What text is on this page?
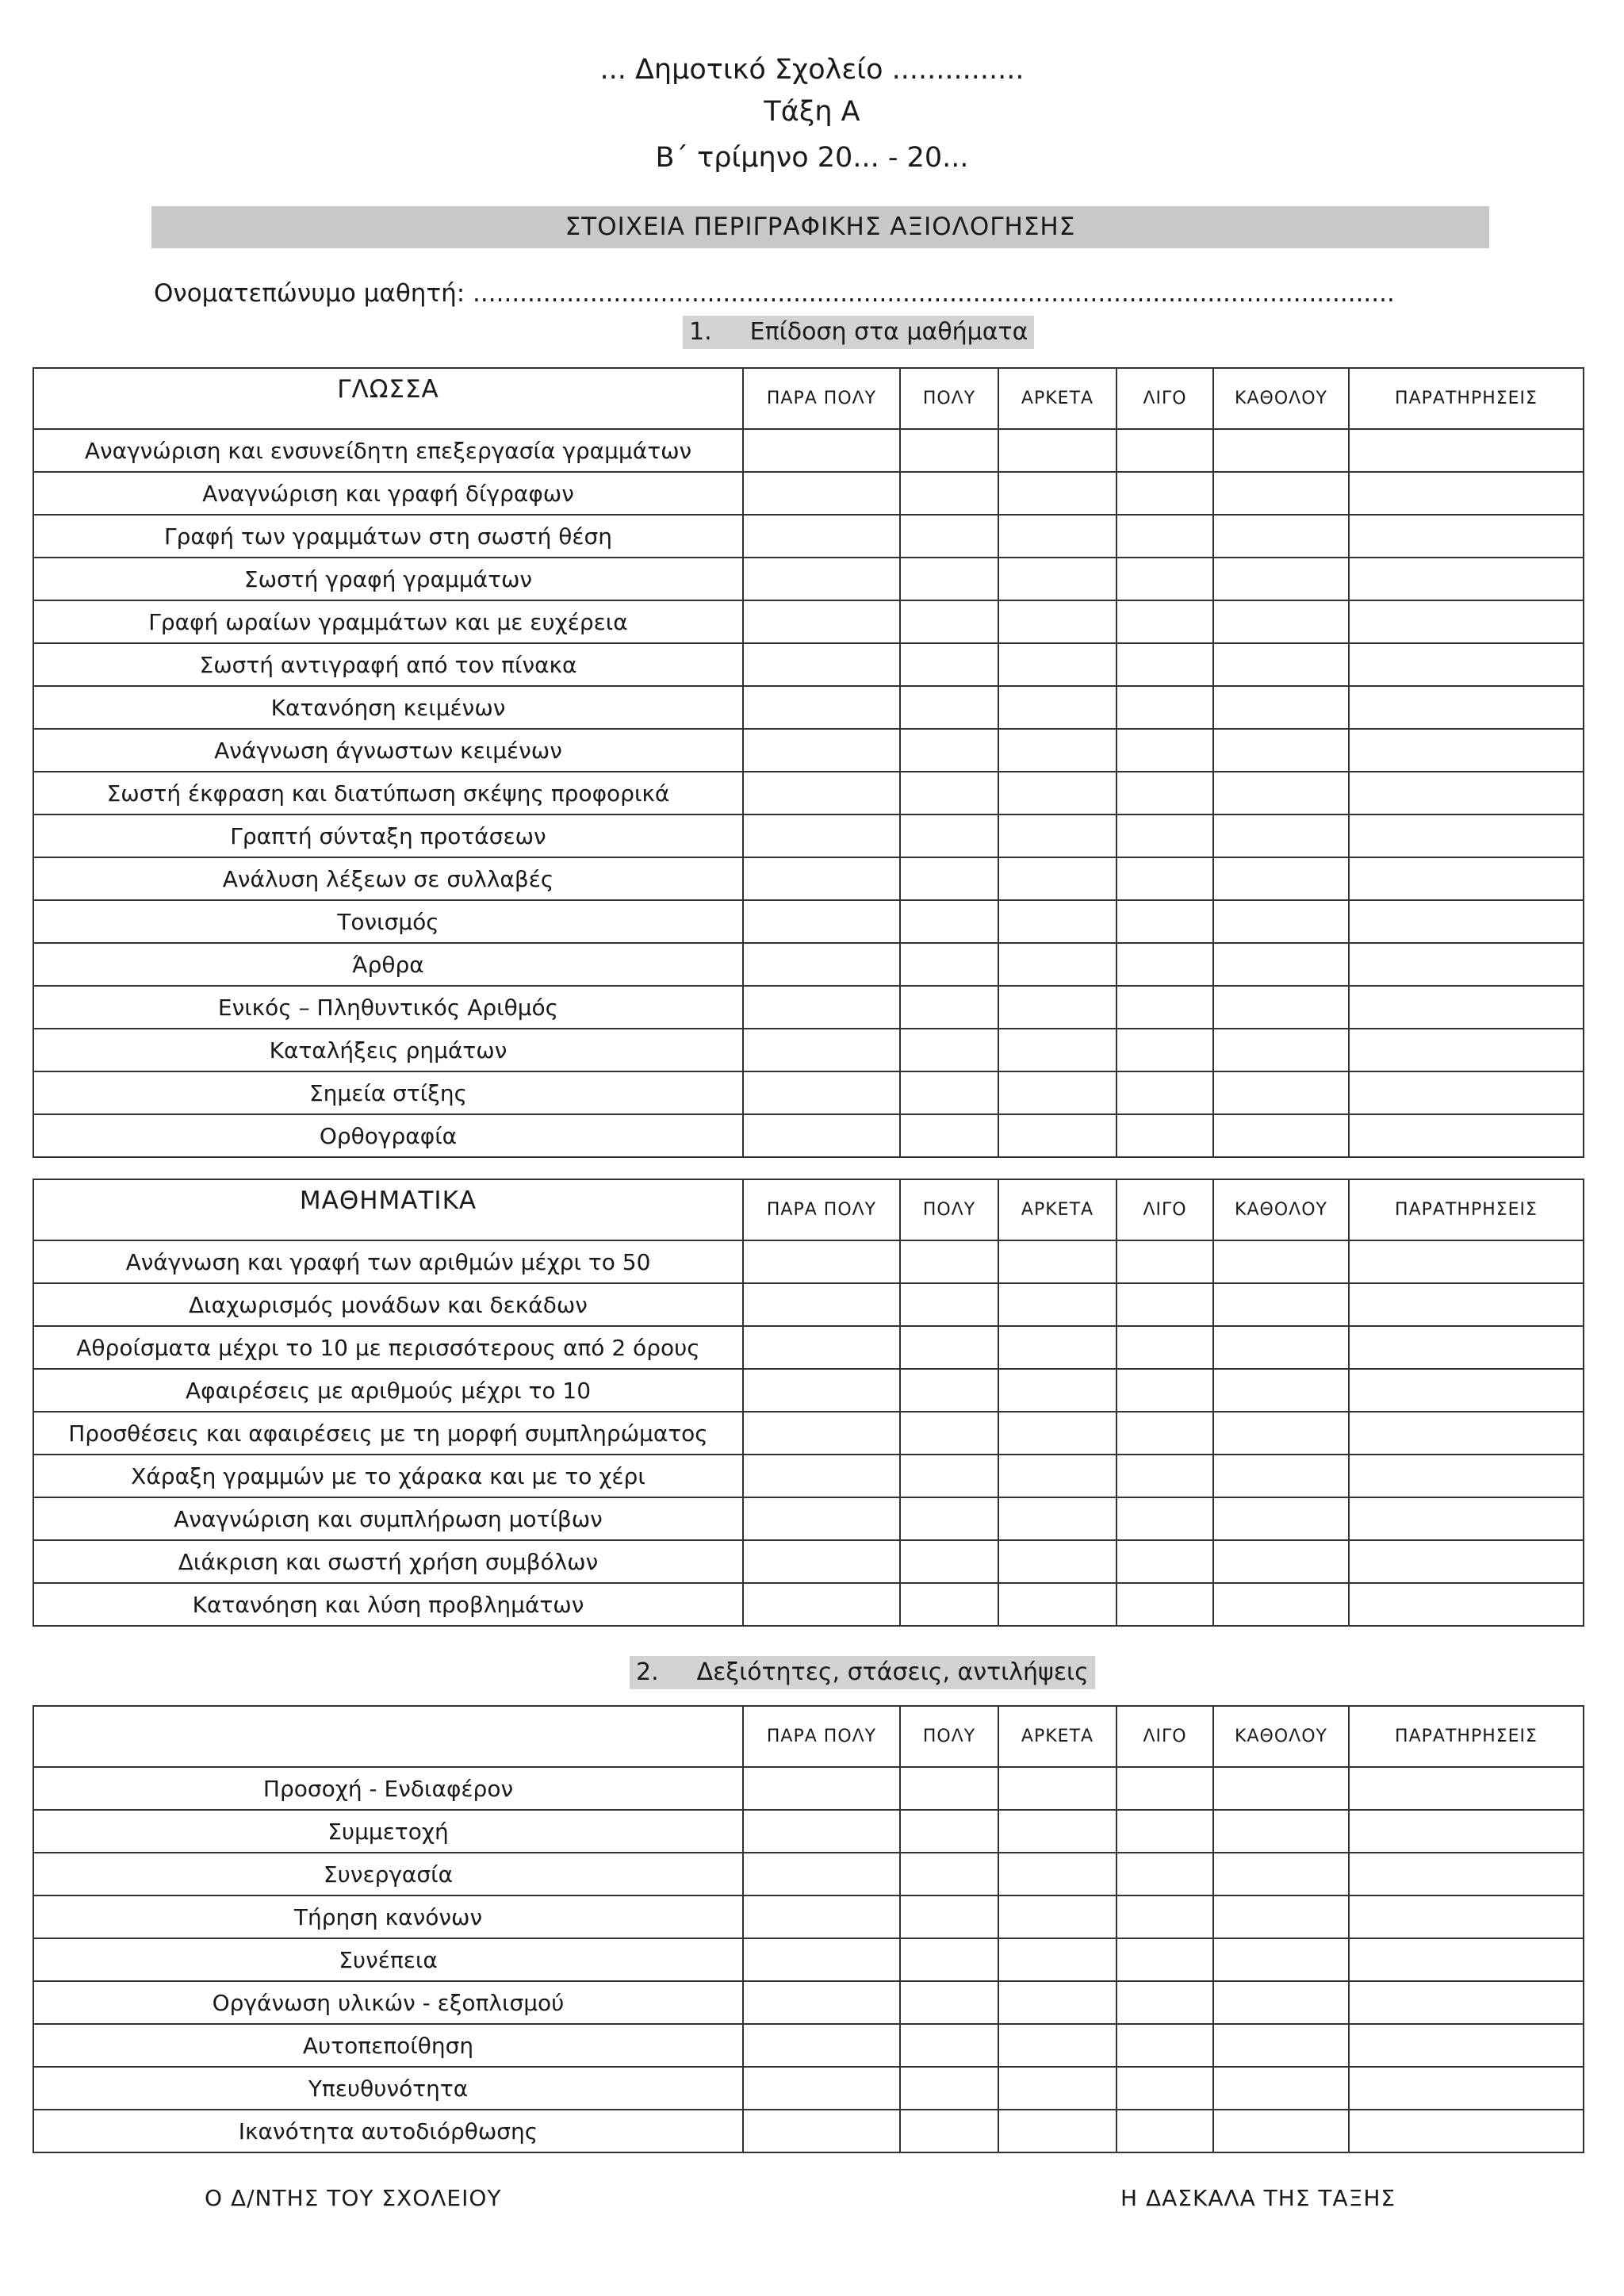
... Δημοτικό Σχολείο ...............
Τάξη Α
Β΄ τρίμηνο 20... - 20...
ΣΤΟΙΧΕΙΑ ΠΕΡΙΓΡΑΦΙΚΗΣ ΑΞΙΟΛΟΓΗΣΗΣ
Ονοματεπώνυμο μαθητή: ......................................................................................................................
1. Επίδοση στα μαθήματα
2. Δεξιότητες, στάσεις, αντιλήψεις
ΓΛΩΣΣΑ	ΠΑΡΑ ΠΟΛΥ	ΠΟΛΥ	ΑΡΚΕΤΑ	ΛΙΓΟ	ΚΑΘΟΛΟΥ	ΠΑΡΑΤΗΡΗΣΕΙΣ
Αναγνώριση και ενσυνείδητη επεξεργασία γραμμάτων						
Αναγνώριση και γραφή δίγραφων						
Γραφή των γραμμάτων στη σωστή θέση						
Σωστή γραφή γραμμάτων						
Γραφή ωραίων γραμμάτων και με ευχέρεια						
Σωστή αντιγραφή από τον πίνακα						
Κατανόηση κειμένων						
Ανάγνωση άγνωστων κειμένων						
Σωστή έκφραση και διατύπωση σκέψης προφορικά						
Γραπτή σύνταξη προτάσεων						
Ανάλυση λέξεων σε συλλαβές						
Τονισμός						
Άρθρα						
Ενικός – Πληθυντικός Αριθμός						
Καταλήξεις ρημάτων						
Σημεία στίξης						
Ορθογραφία						
ΜΑΘΗΜΑΤΙΚΑ	ΠΑΡΑ ΠΟΛΥ	ΠΟΛΥ	ΑΡΚΕΤΑ	ΛΙΓΟ	ΚΑΘΟΛΟΥ	ΠΑΡΑΤΗΡΗΣΕΙΣ
Ανάγνωση και γραφή των αριθμών μέχρι το 50						
Διαχωρισμός μονάδων και δεκάδων						
Αθροίσματα μέχρι το 10 με περισσότερους από 2 όρους						
Αφαιρέσεις με αριθμούς μέχρι το 10						
Προσθέσεις και αφαιρέσεις με τη μορφή συμπληρώματος						
Χάραξη γραμμών με το χάρακα και με το χέρι						
Αναγνώριση και συμπλήρωση μοτίβων						
Διάκριση και σωστή χρήση συμβόλων						
Κατανόηση και λύση προβλημάτων						
	ΠΑΡΑ ΠΟΛΥ	ΠΟΛΥ	ΑΡΚΕΤΑ	ΛΙΓΟ	ΚΑΘΟΛΟΥ	ΠΑΡΑΤΗΡΗΣΕΙΣ
Προσοχή - Ενδιαφέρον						
Συμμετοχή						
Συνεργασία						
Τήρηση κανόνων						
Συνέπεια						
Οργάνωση υλικών - εξοπλισμού						
Αυτοπεποίθηση						
Υπευθυνότητα						
Ικανότητα αυτοδιόρθωσης						
Ο Δ/ΝΤΗΣ ΤΟΥ ΣΧΟΛΕΙΟΥ	Η ΔΑΣΚΑΛΑ ΤΗΣ ΤΑΞΗΣ
